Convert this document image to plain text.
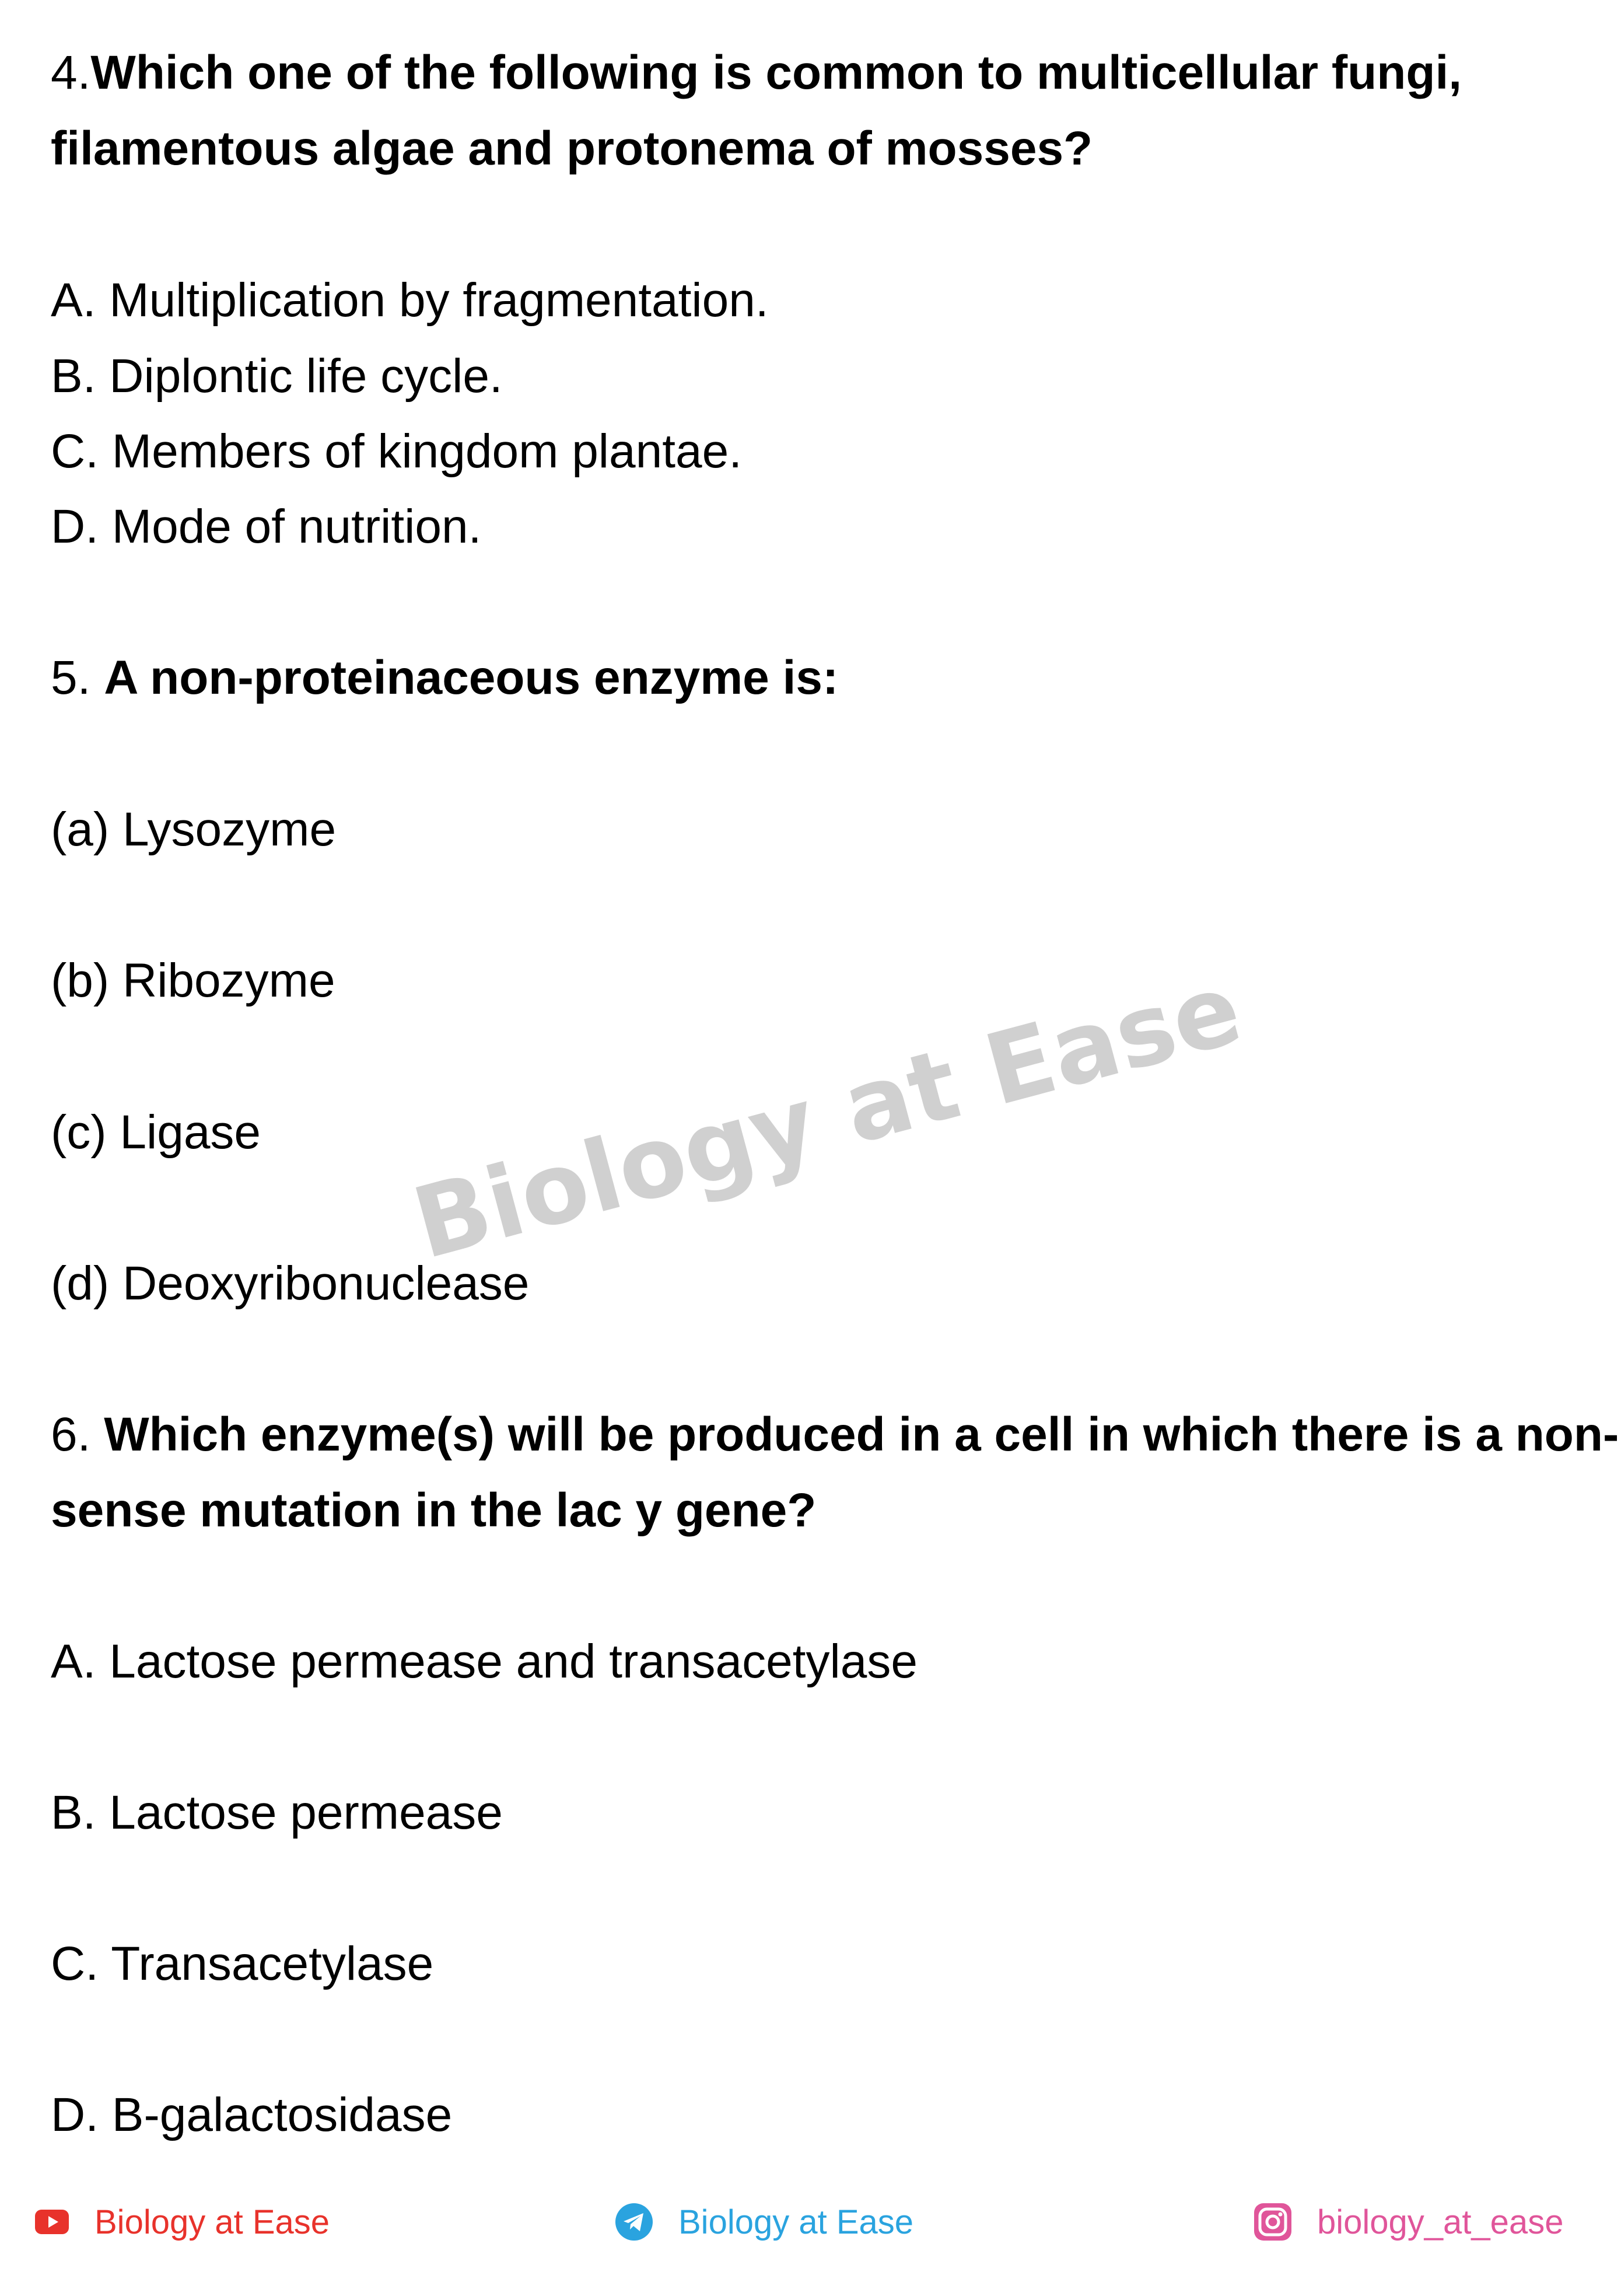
4.Which one of the following is common to multicellular fungi,
filamentous algae and protonema of mosses?
A. Multiplication by fragmentation.
B. Diplontic life cycle.
C. Members of kingdom plantae.
D. Mode of nutrition.
5. A non-proteinaceous enzyme is:
(a) Lysozyme
(b) Ribozyme
(c) Ligase
(d) Deoxyribonuclease
6. Which enzyme(s) will be produced in a cell in which there is a non-
sense mutation in the lac y gene?
A. Lactose permease and transacetylase
B. Lactose permease
C. Transacetylase
D. B-galactosidase
Biology at Ease
Biology at Ease	Biology at Ease	biology_at_ease
